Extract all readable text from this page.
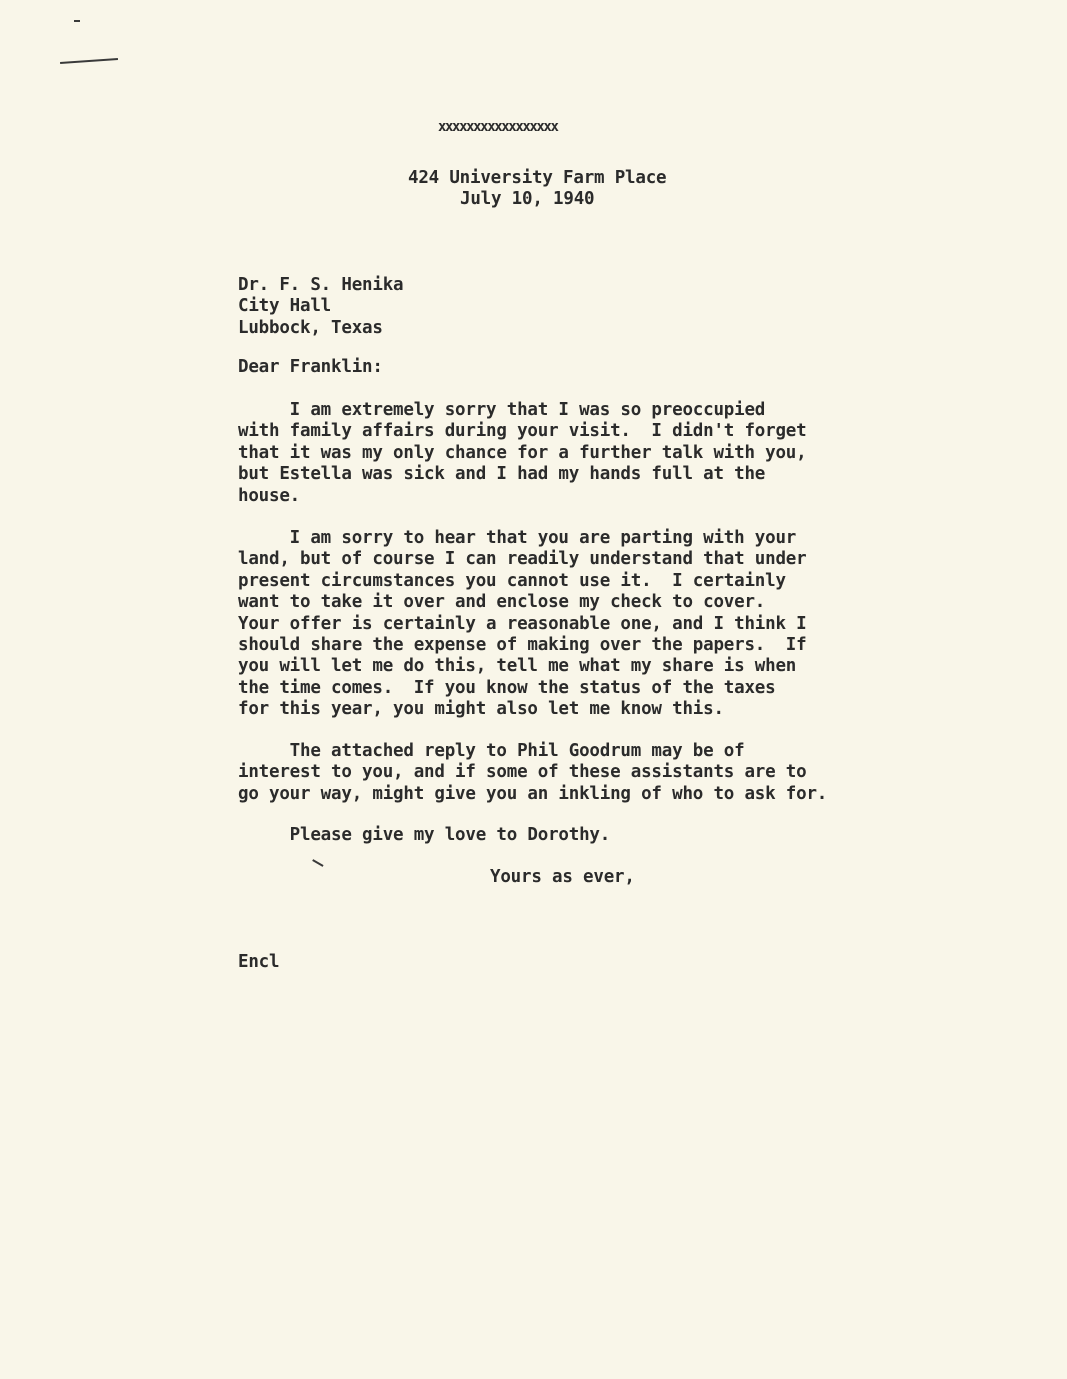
xxxxxxxxxxxxxxxxx
424 University Farm Place
July 10, 1940
Dr. F. S. Henika
City Hall
Lubbock, Texas
Dear Franklin:
I am extremely sorry that I was so preoccupied
with family affairs during your visit.  I didn't forget
that it was my only chance for a further talk with you,
but Estella was sick and I had my hands full at the
house.
I am sorry to hear that you are parting with your
land, but of course I can readily understand that under
present circumstances you cannot use it.  I certainly
want to take it over and enclose my check to cover.
Your offer is certainly a reasonable one, and I think I
should share the expense of making over the papers.  If
you will let me do this, tell me what my share is when
the time comes.  If you know the status of the taxes
for this year, you might also let me know this.
The attached reply to Phil Goodrum may be of
interest to you, and if some of these assistants are to
go your way, might give you an inkling of who to ask for.
Please give my love to Dorothy.
Yours as ever,
Encl
